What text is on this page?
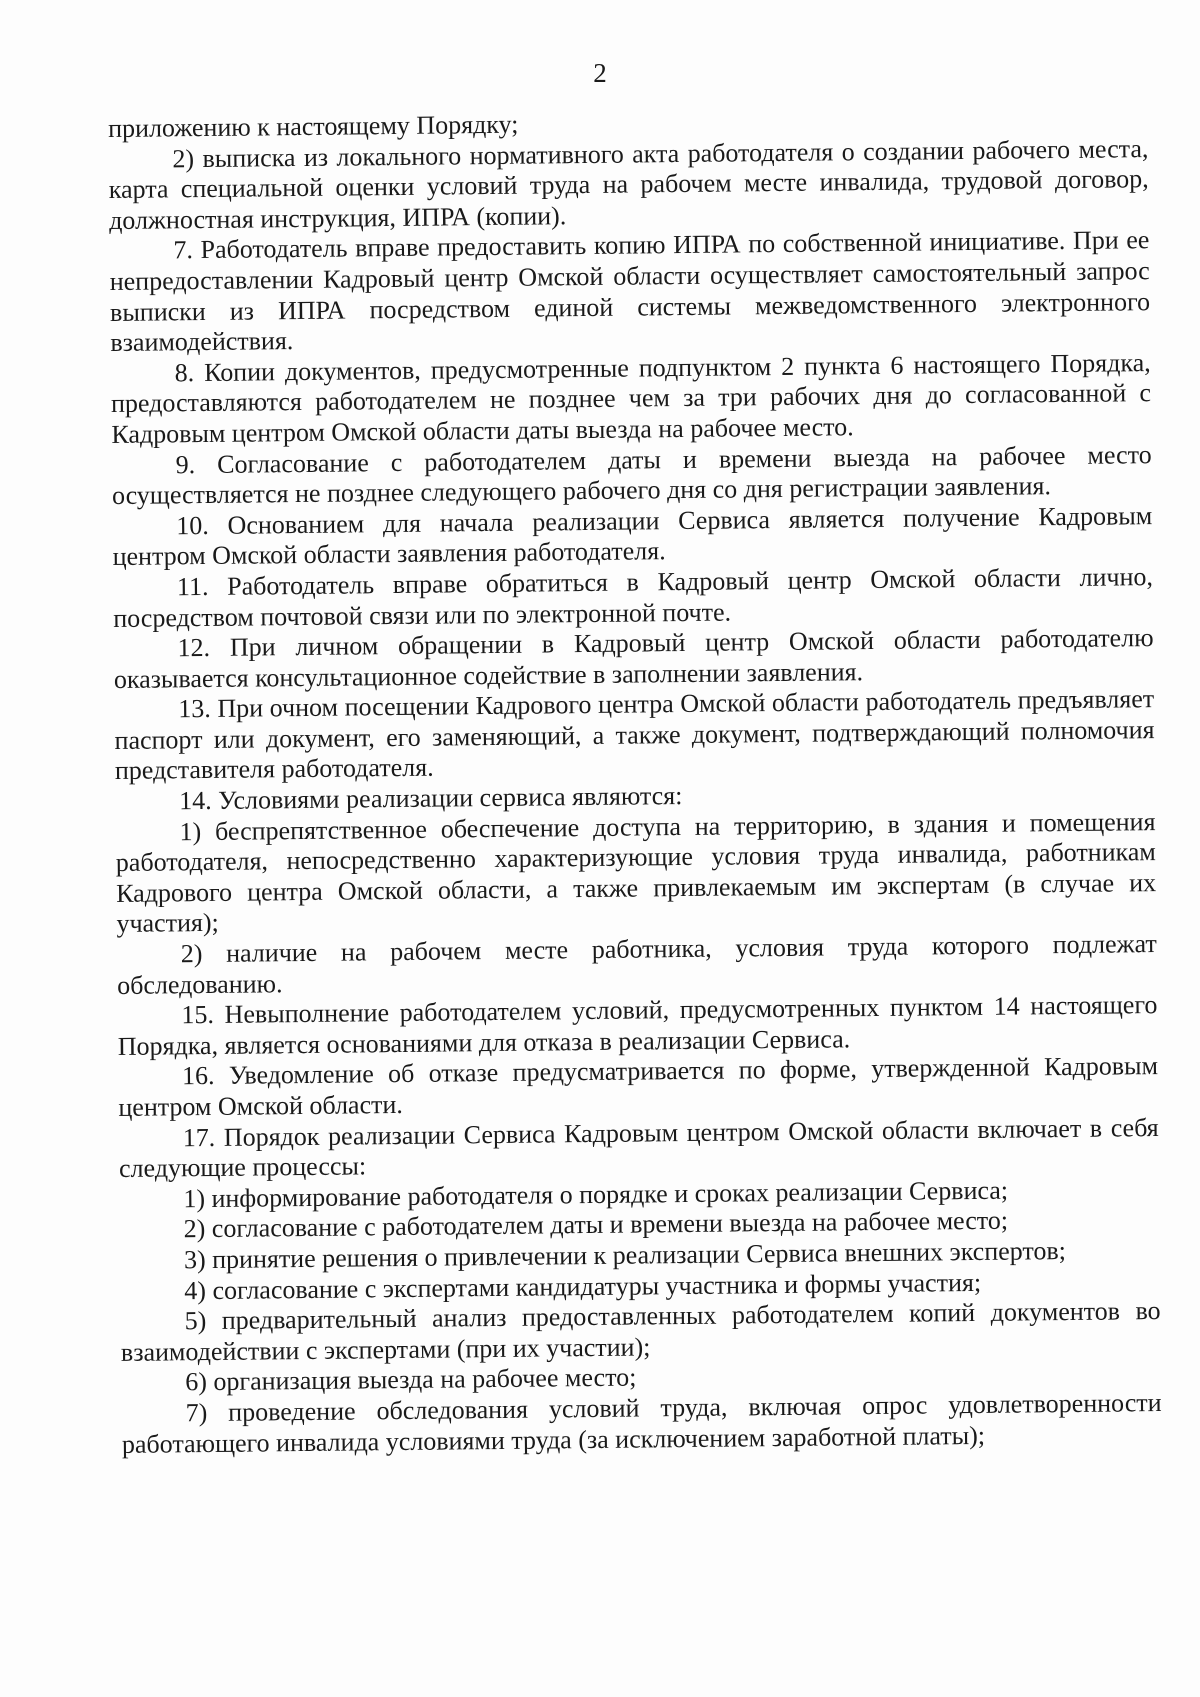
2

приложению к настоящему Порядку;

2) выписка из локального нормативного акта работодателя о создании рабочего места, карта специальной оценки условий труда на рабочем месте инвалида, трудовой договор, должностная инструкция, ИПРА (копии).

7. Работодатель вправе предоставить копию ИПРА по собственной инициативе. При ее непредоставлении Кадровый центр Омской области осуществляет самостоятельный запрос выписки из ИПРА посредством единой системы межведомственного электронного взаимодействия.

8. Копии документов, предусмотренные подпунктом 2 пункта 6 настоящего Порядка, предоставляются работодателем не позднее чем за три рабочих дня до согласованной с Кадровым центром Омской области даты выезда на рабочее место.

9. Согласование с работодателем даты и времени выезда на рабочее место осуществляется не позднее следующего рабочего дня со дня регистрации заявления.

10. Основанием для начала реализации Сервиса является получение Кадровым центром Омской области заявления работодателя.

11. Работодатель вправе обратиться в Кадровый центр Омской области лично, посредством почтовой связи или по электронной почте.

12. При личном обращении в Кадровый центр Омской области работодателю оказывается консультационное содействие в заполнении заявления.

13. При очном посещении Кадрового центра Омской области работодатель предъявляет паспорт или документ, его заменяющий, а также документ, подтверждающий полномочия представителя работодателя.

14. Условиями реализации сервиса являются:

1) беспрепятственное обеспечение доступа на территорию, в здания и помещения работодателя, непосредственно характеризующие условия труда инвалида, работникам Кадрового центра Омской области, а также привлекаемым им экспертам (в случае их участия);

2) наличие на рабочем месте работника, условия труда которого подлежат обследованию.

15. Невыполнение работодателем условий, предусмотренных пунктом 14 настоящего Порядка, является основаниями для отказа в реализации Сервиса.

16. Уведомление об отказе предусматривается по форме, утвержденной Кадровым центром Омской области.

17. Порядок реализации Сервиса Кадровым центром Омской области включает в себя следующие процессы:

1) информирование работодателя о порядке и сроках реализации Сервиса;

2) согласование с работодателем даты и времени выезда на рабочее место;

3) принятие решения о привлечении к реализации Сервиса внешних экспертов;

4) согласование с экспертами кандидатуры участника и формы участия;

5) предварительный анализ предоставленных работодателем копий документов во взаимодействии с экспертами (при их участии);

6) организация выезда на рабочее место;

7) проведение обследования условий труда, включая опрос удовлетворенности работающего инвалида условиями труда (за исключением заработной платы);
